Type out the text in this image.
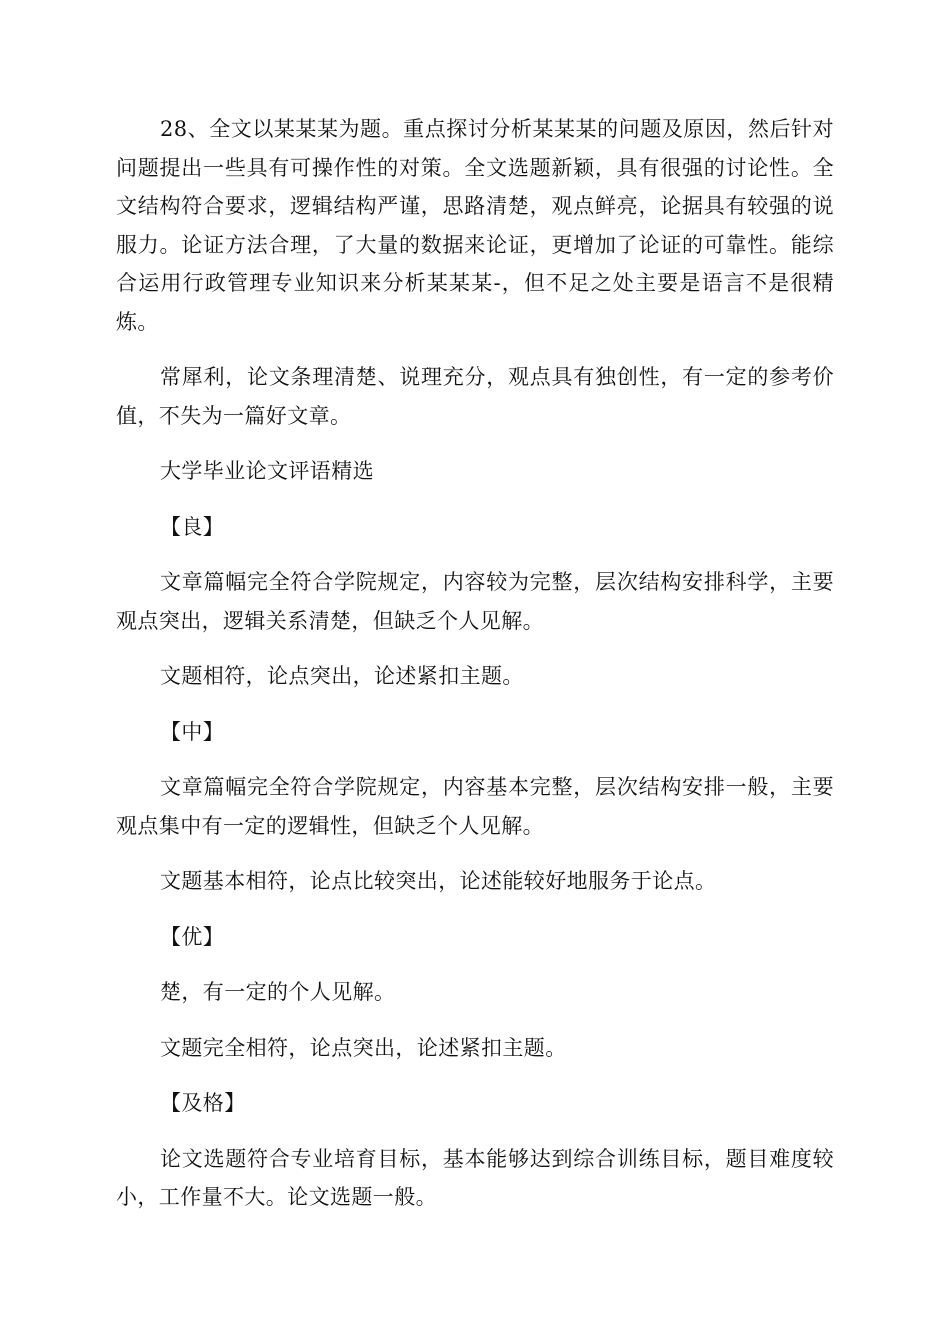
28、全文以某某某为题。重点探讨分析某某某的问题及原因，然后针对问题提出一些具有可操作性的对策。全文选题新颖，具有很强的讨论性。全文结构符合要求，逻辑结构严谨，思路清楚，观点鲜亮，论据具有较强的说服力。论证方法合理，了大量的数据来论证，更增加了论证的可靠性。能综合运用行政管理专业知识来分析某某某-，但不足之处主要是语言不是很精炼。

常犀利，论文条理清楚、说理充分，观点具有独创性，有一定的参考价值，不失为一篇好文章。

大学毕业论文评语精选

【良】

文章篇幅完全符合学院规定，内容较为完整，层次结构安排科学，主要观点突出，逻辑关系清楚，但缺乏个人见解。

文题相符，论点突出，论述紧扣主题。

【中】

文章篇幅完全符合学院规定，内容基本完整，层次结构安排一般，主要观点集中有一定的逻辑性，但缺乏个人见解。

文题基本相符，论点比较突出，论述能较好地服务于论点。

【优】

楚，有一定的个人见解。

文题完全相符，论点突出，论述紧扣主题。

【及格】

论文选题符合专业培育目标，基本能够达到综合训练目标，题目难度较小，工作量不大。论文选题一般。
